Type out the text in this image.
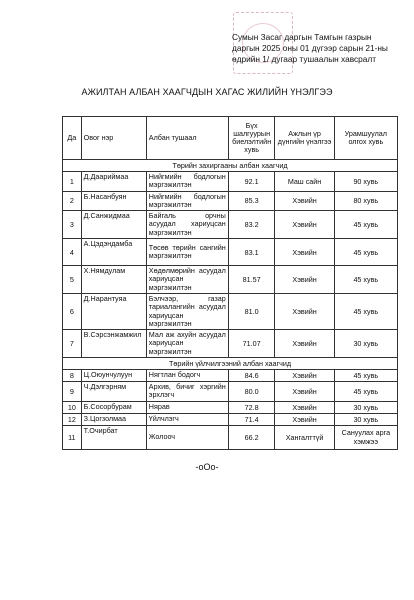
Сумын Засаг даргын Тамгын газрын
даргын 2025 оны 01 дүгээр сарын 21-ны
өдрийн 1/ дугаар тушаалын хавсралт
АЖИЛТАН АЛБАН ХААГЧДЫН ХАГАС ЖИЛИЙН ҮНЭЛГЭЭ
Да	Овог нэр	Албан тушаал	Бүх шалгуурын биелэлтийн хувь	Ажлын үр дүнгийн үнэлгээ	Урамшуулал олгох хувь
Төрийн захиргааны албан хаагчид					
1	Д.Даариймаа	Нийгмийн бодлогын мэргэжилтэн	92.1	Маш сайн	90 хувь
2	Б.Насанбуян	Нийгмийн бодлогын мэргэжилтэн	85.3	Хэвийн	80 хувь
3	Д.Санжидмаа	Байгаль орчны асуудал хариуцсан мэргэжилтэн	83.2	Хэвийн	45 хувь
4	А.Цэдэндамба	Төсөв төрийн сангийн мэргэжилтэн	83.1	Хэвийн	45 хувь
5	Х.Нямдулам	Хөдөлмөрийн асуудал хариуцсан мэргэжилтэн	81.57	Хэвийн	45 хувь
6	Д.Нарантуяа	Бэлчээр, газар тариалангийн асуудал хариуцсан мэргэжилтэн	81.0	Хэвийн	45 хувь
7	В.Сэрсэнжамжил	Мал аж ахуйн асуудал хариуцсан мэргэжилтэн	71.07	Хэвийн	30 хувь
Төрийн үйлчилгээний албан хаагчид					
8	Ц.Оюунчулуун	Нягтлан бодогч	84.6	Хэвийн	45 хувь
9	Ч.Дэлгэрням	Архив, бичиг хэргийн эрхлэгч	80.0	Хэвийн	45 хувь
10	Б.Сосорбурам	Нярав	72.8	Хэвийн	30 хувь
12	З.Цогзолмаа	Үйлчлэгч	71.4	Хэвийн	30 хувь
11	Т.Очирбат	Жолооч	66.2	Хангалттүй	Сануулах арга хэмжээ
-oOo-
